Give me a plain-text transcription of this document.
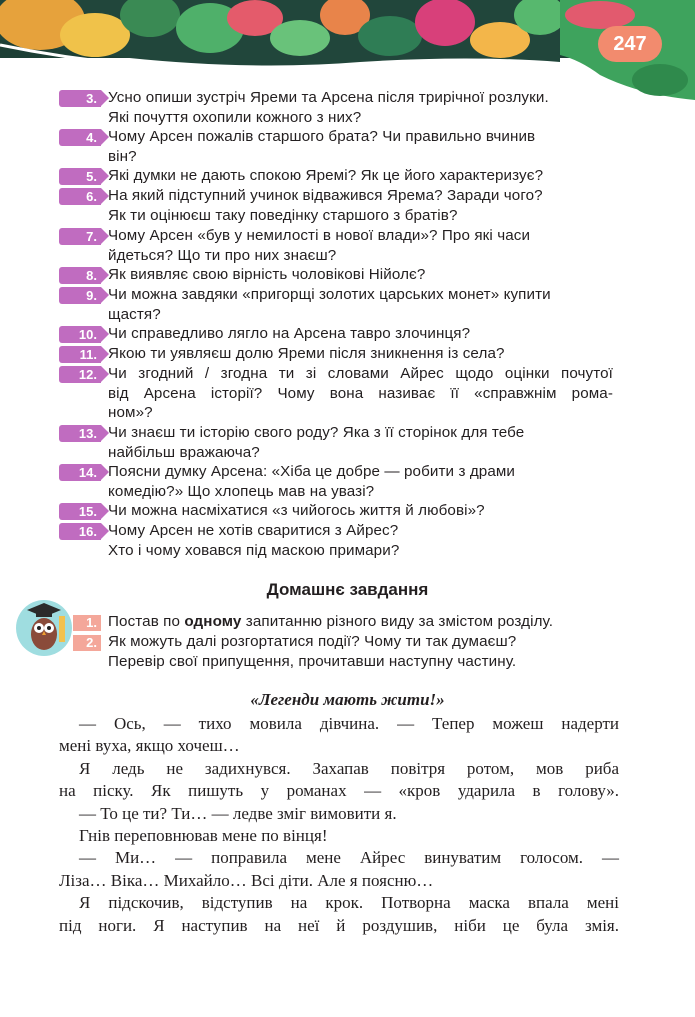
247
3. Усно опиши зустріч Яреми та Арсена після трирічної розлуки.
Які почуття охопили кожного з них?
4. Чому Арсен пожалів старшого брата? Чи правильно вчинив
він?
5. Які думки не дають спокою Яремі? Як це його характеризує?
6. На який підступний учинок відважився Ярема? Заради чого?
Як ти оцінюєш таку поведінку старшого з братів?
7. Чому Арсен «був у немилості в нової влади»? Про які часи
йдеться? Що ти про них знаєш?
8. Як виявляє свою вірність чоловікові Нійолє?
9. Чи можна завдяки «пригорщі золотих царських монет» купити
щастя?
10. Чи справедливо лягло на Арсена тавро злочинця?
11. Якою ти уявляєш долю Яреми після зникнення із села?
12. Чи згодний / згодна ти зі словами Айрес щодо оцінки почутої
від Арсена історії? Чому вона називає її «справжнім рома-
ном»?
13. Чи знаєш ти історію свого роду? Яка з її сторінок для тебе
найбільш вражаюча?
14. Поясни думку Арсена: «Хіба це добре — робити з драми
комедію?» Що хлопець мав на увазі?
15. Чи можна насміхатися «з чийогось життя й любові»?
16. Чому Арсен не хотів сваритися з Айрес?
Хто і чому ховався під маскою примари?
Домашнє завдання
1. Постав по одному запитанню різного виду за змістом розділу.
2. Як можуть далі розгортатися події? Чому ти так думаєш?
Перевір свої припущення, прочитавши наступну частину.
«Легенди мають жити!»
— Ось, — тихо мовила дівчина. — Тепер можеш надерти
мені вуха, якщо хочеш…
Я ледь не задихнувся. Захапав повітря ротом, мов риба
на піску. Як пишуть у романах — «кров ударила в голову».
— То це ти? Ти… — ледве зміг вимовити я.
Гнів переповнював мене по вінця!
— Ми… — поправила мене Айрес винуватим голосом. —
Ліза… Віка… Михайло… Всі діти. Але я поясню…
Я підскочив, відступив на крок. Потворна маска впала мені
під ноги. Я наступив на неї й роздушив, ніби це була змія.
